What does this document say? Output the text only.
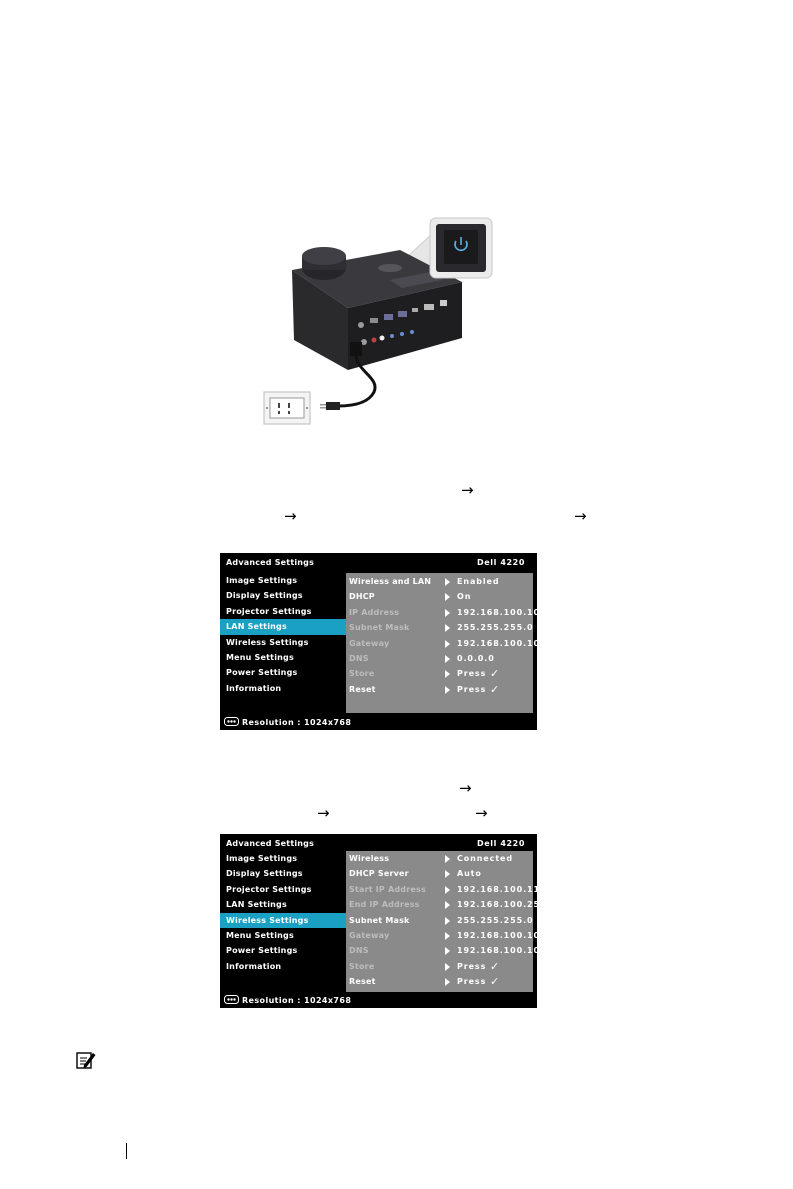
→
→	→
→
→	→
Advanced Settings	Dell 4220
Image Settings
Display Settings
Projector Settings
LAN Settings
Wireless Settings
Menu Settings
Power Settings
Information
Wireless and LAN	Enabled
DHCP	On
IP Address	192.168.100.10
Subnet Mask	255.255.255.0
Gateway	192.168.100.10
DNS	0.0.0.0
Store	Press ✓
Reset	Press ✓
Resolution : 1024x768
Advanced Settings	Dell 4220
Image Settings
Display Settings
Projector Settings
LAN Settings
Wireless Settings
Menu Settings
Power Settings
Information
Wireless	Connected
DHCP Server	Auto
Start IP Address	192.168.100.11
End IP Address	192.168.100.254
Subnet Mask	255.255.255.0
Gateway	192.168.100.10
DNS	192.168.100.10
Store	Press ✓
Reset	Press ✓
Resolution : 1024x768
